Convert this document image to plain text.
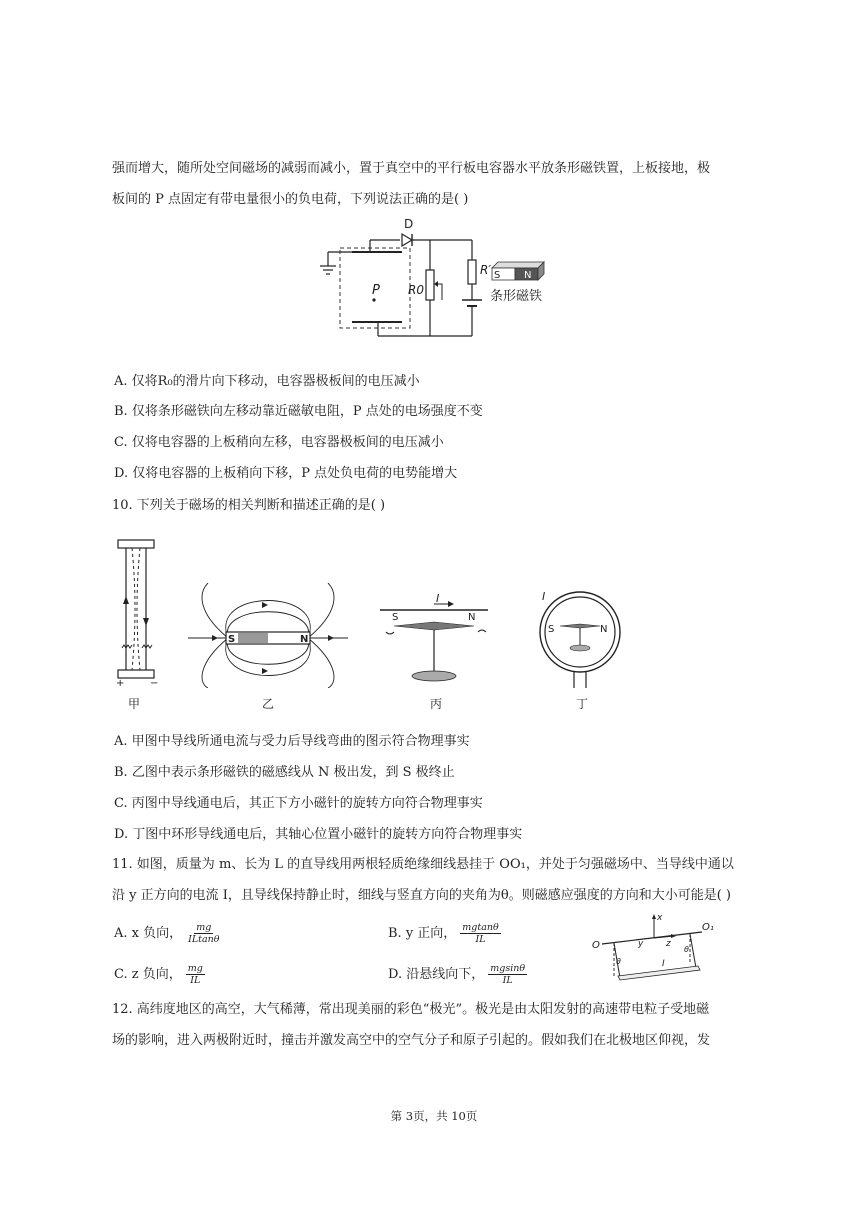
强而增大，随所处空间磁场的减弱而减小，置于真空中的平行板电容器水平放条形磁铁置，上板接地，极
板间的 P 点固定有带电量很小的负电荷，下列说法正确的是( )
D
R0
P
R′ S N
条形磁铁
A. 仅将R₀的滑片向下移动，电容器极板间的电压减小
B. 仅将条形磁铁向左移动靠近磁敏电阻，P 点处的电场强度不变
C. 仅将电容器的上板稍向左移，电容器极板间的电压减小
D. 仅将电容器的上板稍向下移，P 点处负电荷的电势能增大
10. 下列关于磁场的相关判断和描述正确的是( )
+	−
S	N
I
S	N
I
S	N
甲	乙	丙	丁
A. 甲图中导线所通电流与受力后导线弯曲的图示符合物理事实
B. 乙图中表示条形磁铁的磁感线从 N 极出发，到 S 极终止
C. 丙图中导线通电后，其正下方小磁针的旋转方向符合物理事实
D. 丁图中环形导线通电后，其轴心位置小磁针的旋转方向符合物理事实
11. 如图，质量为 m、长为 L 的直导线用两根轻质绝缘细线悬挂于 OO₁，并处于匀强磁场中、当导线中通以
沿 y 正方向的电流 I，且导线保持静止时，细线与竖直方向的夹角为θ。则磁感应强度的方向和大小可能是( )
A. x 负向， $\frac{mg}{ILtan\theta}$	B. y 正向， $\frac{mgtan\theta}{IL}$
C. z 负向， $\frac{mg}{IL}$	D. 沿悬线向下， $\frac{mgsin\theta}{IL}$
O
O₁
x
z
y
θ
θ
I
12. 高纬度地区的高空，大气稀薄，常出现美丽的彩色“极光”。极光是由太阳发射的高速带电粒子受地磁
场的影响，进入两极附近时，撞击并激发高空中的空气分子和原子引起的。假如我们在北极地区仰视，发
第 3页，共 10页
